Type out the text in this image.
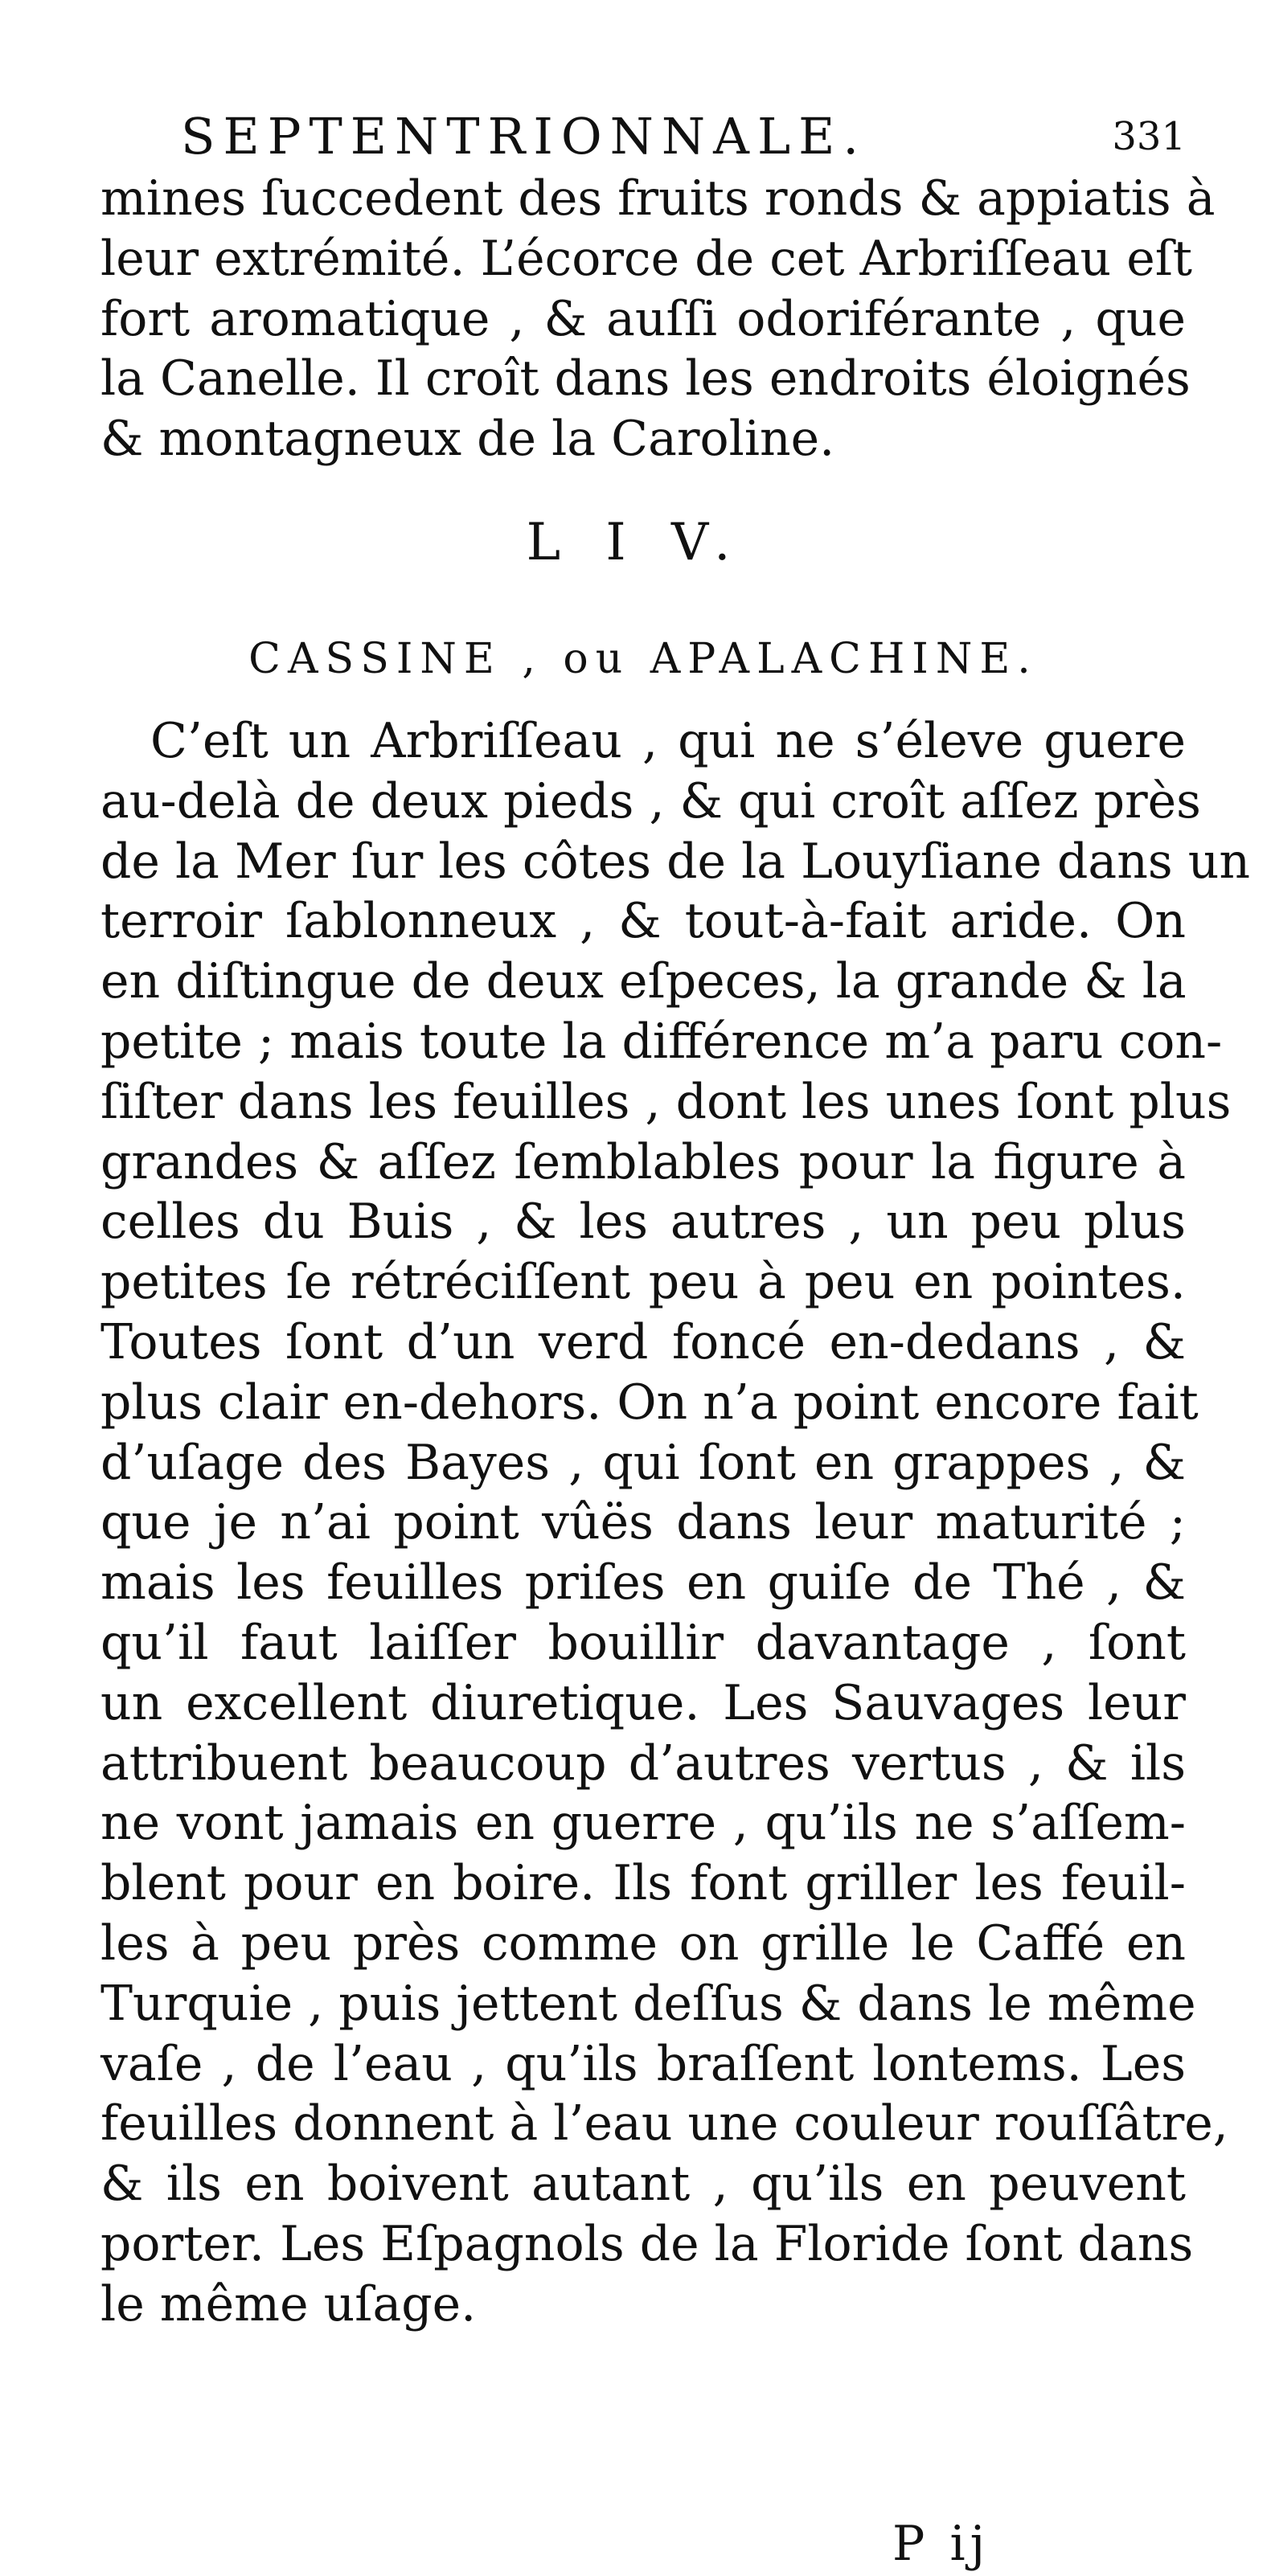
SEPTENTRIONNALE.	331
mines ſuccedent des fruits ronds & appiatis à
leur extrémité. L’écorce de cet Arbriſſeau eſt
fort aromatique , & auſſi odoriférante , que
la Canelle. Il croît dans les endroits éloignés
& montagneux de la Caroline.
L I V.
CASSINE , ou APALACHINE.
C’eſt un Arbriſſeau , qui ne s’éleve guere
au-delà de deux pieds , & qui croît aſſez près
de la Mer ſur les côtes de la Louyſiane dans un
terroir ſablonneux , & tout-à-fait aride. On
en diſtingue de deux eſpeces, la grande & la
petite ; mais toute la différence m’a paru con-
ſiſter dans les feuilles , dont les unes ſont plus
grandes & aſſez ſemblables pour la figure à
celles du Buis , & les autres , un peu plus
petites ſe rétréciſſent peu à peu en pointes.
Toutes ſont d’un verd foncé en-dedans , &
plus clair en-dehors. On n’a point encore fait
d’uſage des Bayes , qui ſont en grappes , &
que je n’ai point vûës dans leur maturité ;
mais les feuilles priſes en guiſe de Thé , &
qu’il faut laiſſer bouillir davantage , ſont
un excellent diuretique. Les Sauvages leur
attribuent beaucoup d’autres vertus , & ils
ne vont jamais en guerre , qu’ils ne s’aſſem-
blent pour en boire. Ils font griller les feuil-
les à peu près comme on grille le Caffé en
Turquie , puis jettent deſſus & dans le même
vaſe , de l’eau , qu’ils braſſent lontems. Les
feuilles donnent à l’eau une couleur rouſſâtre,
& ils en boivent autant , qu’ils en peuvent
porter. Les Eſpagnols de la Floride ſont dans
le même uſage.
P ij
